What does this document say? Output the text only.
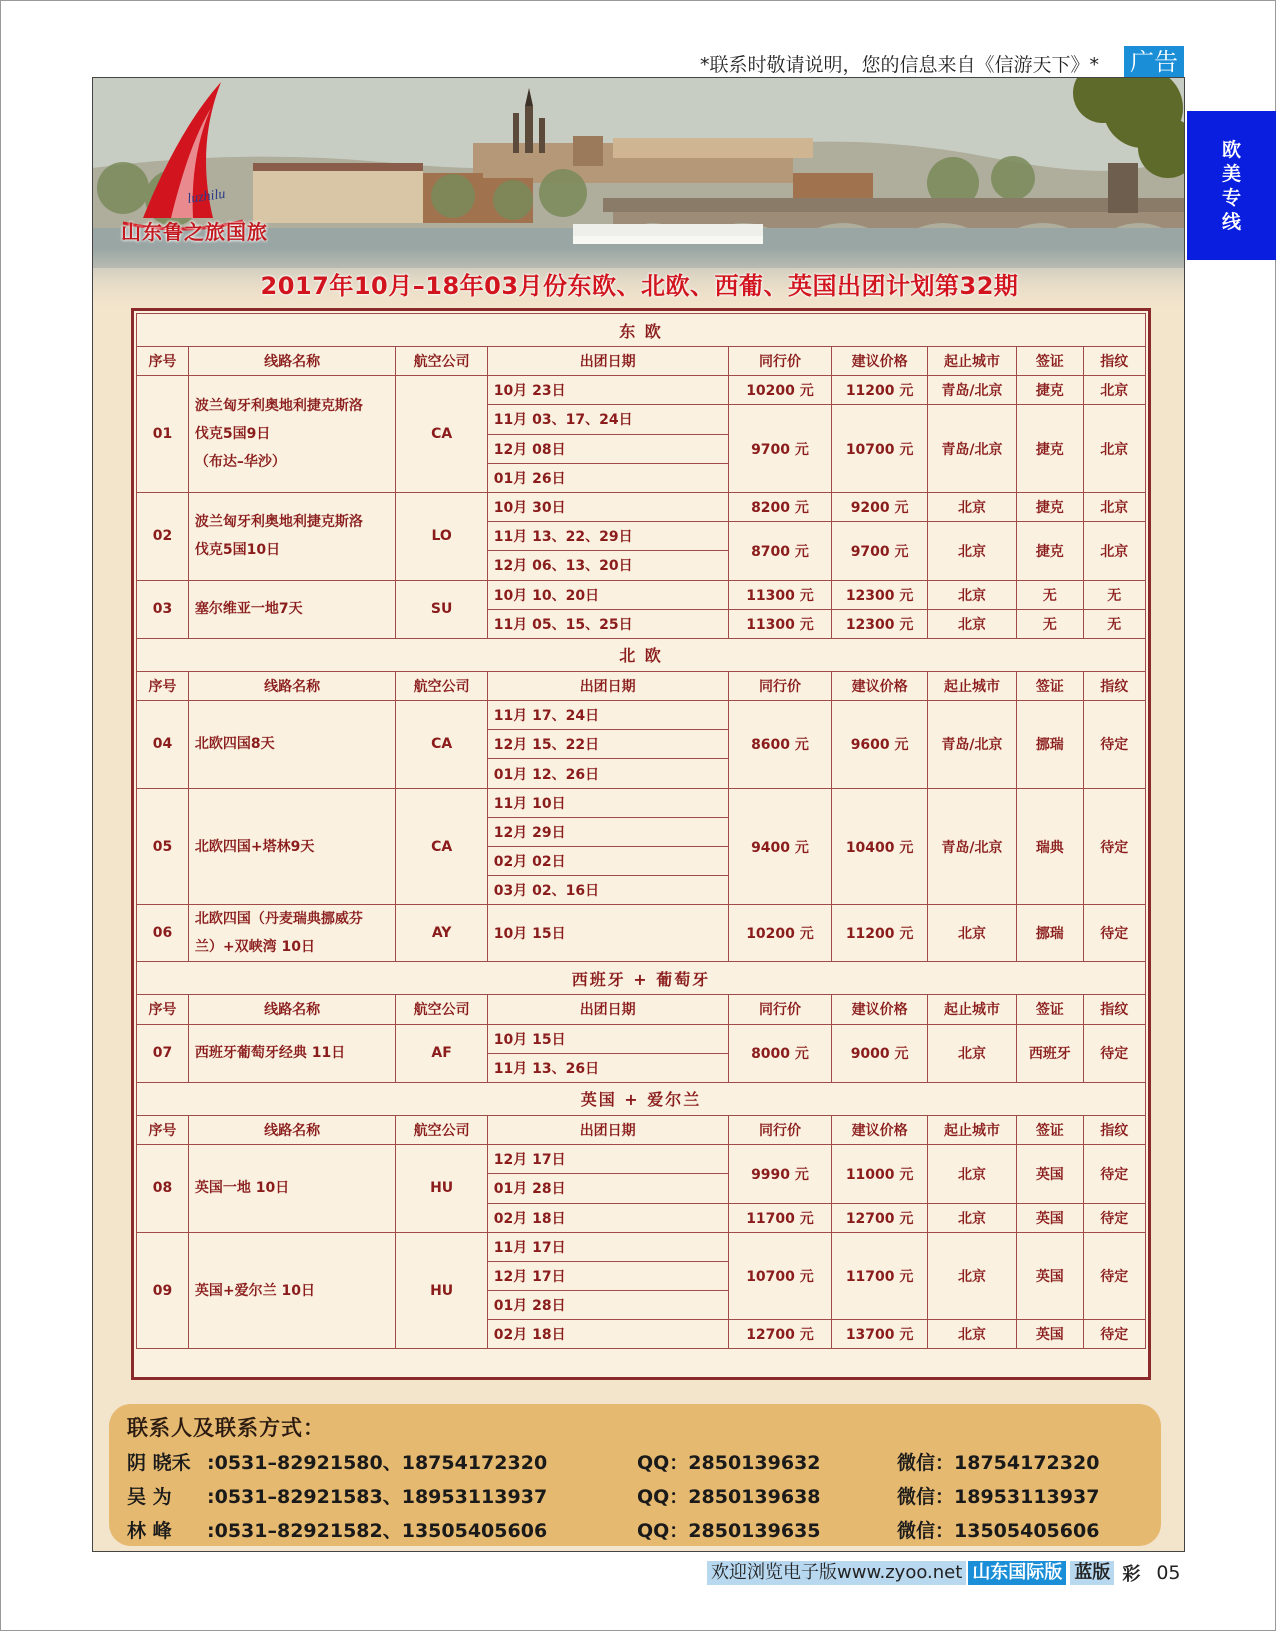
*联系时敬请说明，您的信息来自《信游天下》* 广告
欧
美
专
线
luzhilu
山东鲁之旅国旅
2017年10月–18年03月份东欧、北欧、西葡、英国出团计划第32期
东 欧								
序号	线路名称	航空公司	出团日期	同行价	建议价格	起止城市	签证	指纹
01	波兰匈牙利奥地利捷克斯洛
伐克5国9日
（布达–华沙）	CA	10月 23日	10200 元	11200 元	青岛/北京	捷克	北京
			11月 03、17、24日	9700 元	10700 元	青岛/北京	捷克	北京
			12月 08日					
			01月 26日					
02	波兰匈牙利奥地利捷克斯洛
伐克5国10日	LO	10月 30日	8200 元	9200 元	北京	捷克	北京
			11月 13、22、29日	8700 元	9700 元	北京	捷克	北京
			12月 06、13、20日					
03	塞尔维亚一地7天	SU	10月 10、20日	11300 元	12300 元	北京	无	无
			11月 05、15、25日	11300 元	12300 元	北京	无	无
北 欧								
序号	线路名称	航空公司	出团日期	同行价	建议价格	起止城市	签证	指纹
04	北欧四国8天	CA	11月 17、24日	8600 元	9600 元	青岛/北京	挪瑞	待定
			12月 15、22日					
			01月 12、26日					
05	北欧四国+塔林9天	CA	11月 10日	9400 元	10400 元	青岛/北京	瑞典	待定
			12月 29日					
			02月 02日					
			03月 02、16日					
06	北欧四国（丹麦瑞典挪威芬
兰）+双峡湾 10日	AY	10月 15日	10200 元	11200 元	北京	挪瑞	待定
西班牙 + 葡萄牙								
序号	线路名称	航空公司	出团日期	同行价	建议价格	起止城市	签证	指纹
07	西班牙葡萄牙经典 11日	AF	10月 15日	8000 元	9000 元	北京	西班牙	待定
			11月 13、26日					
英国 + 爱尔兰								
序号	线路名称	航空公司	出团日期	同行价	建议价格	起止城市	签证	指纹
08	英国一地 10日	HU	12月 17日	9990 元	11000 元	北京	英国	待定
			01月 28日					
			02月 18日	11700 元	12700 元	北京	英国	待定
09	英国+爱尔兰 10日	HU	11月 17日	10700 元	11700 元	北京	英国	待定
			12月 17日					
			01月 28日					
			02月 18日	12700 元	13700 元	北京	英国	待定
联系人及联系方式：
阴 晓禾 :0531–82921580、18754172320	QQ：2850139632	微信：18754172320
吴 为 :0531–82921583、18953113937	QQ：2850139638	微信：18953113937
林 峰 :0531–82921582、13505405606	QQ：2850139635	微信：13505405606
欢迎浏览电子版www.zyoo.net 山东国际版 蓝版 彩 05
